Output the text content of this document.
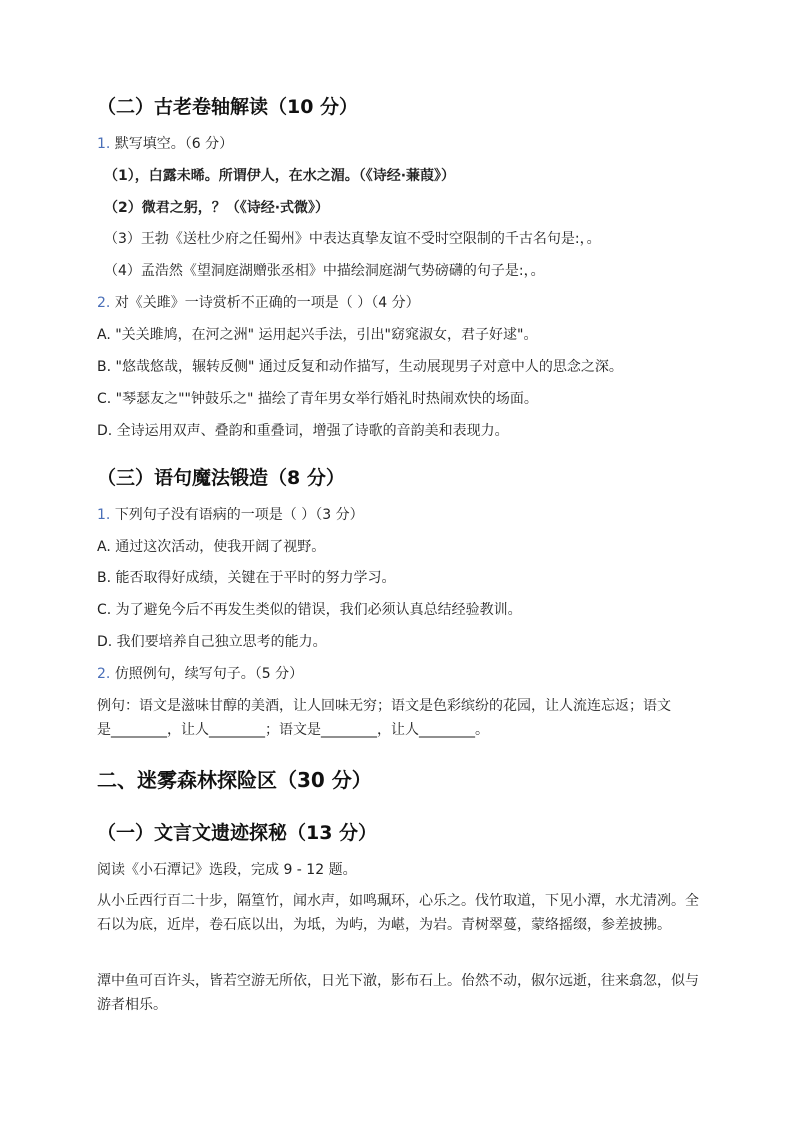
（二）古老卷轴解读（10 分）
1. 默写填空。（6 分）
（1），白露未晞。所谓伊人，在水之湄。（《诗经·蒹葭》）
（2）微君之躬，？（《诗经·式微》）
（3）王勃《送杜少府之任蜀州》中表达真挚友谊不受时空限制的千古名句是:，。
（4）孟浩然《望洞庭湖赠张丞相》中描绘洞庭湖气势磅礴的句子是:，。
2. 对《关雎》一诗赏析不正确的一项是（ ）（4 分）
A. "关关雎鸠，在河之洲" 运用起兴手法，引出"窈窕淑女，君子好逑"。
B. "悠哉悠哉，辗转反侧" 通过反复和动作描写，生动展现男子对意中人的思念之深。
C. "琴瑟友之""钟鼓乐之" 描绘了青年男女举行婚礼时热闹欢快的场面。
D. 全诗运用双声、叠韵和重叠词，增强了诗歌的音韵美和表现力。
（三）语句魔法锻造（8 分）
1. 下列句子没有语病的一项是（ ）（3 分）
A. 通过这次活动，使我开阔了视野。
B. 能否取得好成绩，关键在于平时的努力学习。
C. 为了避免今后不再发生类似的错误，我们必须认真总结经验教训。
D. 我们要培养自己独立思考的能力。
2. 仿照例句，续写句子。（5 分）
例句：语文是滋味甘醇的美酒，让人回味无穷；语文是色彩缤纷的花园，让人流连忘返；语文
是________，让人________；语文是________，让人________。
二、迷雾森林探险区（30 分）
（一）文言文遗迹探秘（13 分）
阅读《小石潭记》选段，完成 9 - 12 题。
从小丘西行百二十步，隔篁竹，闻水声，如鸣珮环，心乐之。伐竹取道，下见小潭，水尤清冽。全石以为底，近岸，卷石底以出，为坻，为屿，为嵁，为岩。青树翠蔓，蒙络摇缀，参差披拂。
潭中鱼可百许头，皆若空游无所依，日光下澈，影布石上。佁然不动，俶尔远逝，往来翕忽，似与游者相乐。
